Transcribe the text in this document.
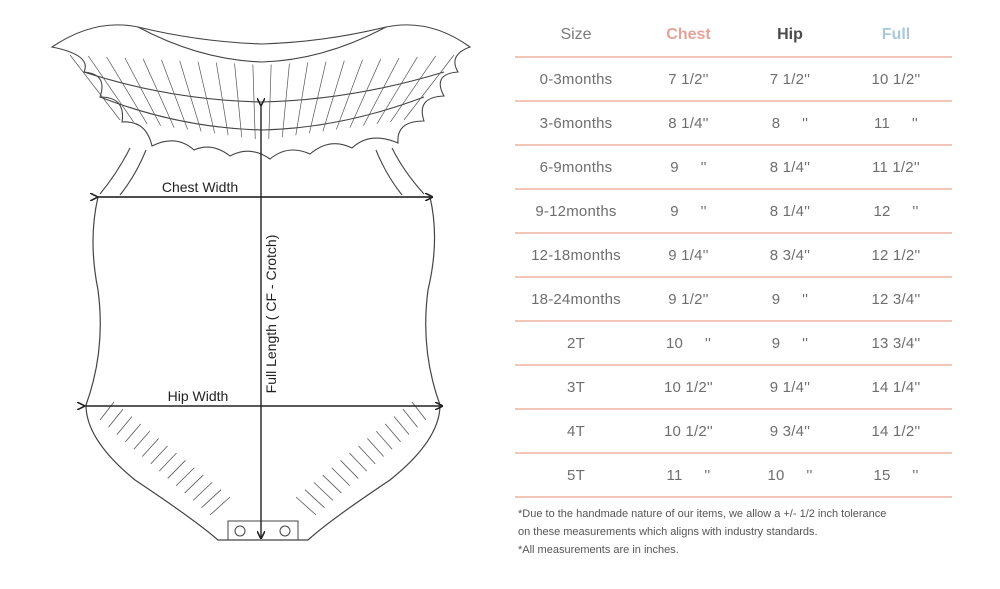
Chest Width
Hip Width
Full Length ( CF - Crotch)
Size	Chest	Hip	Full
0-3months	7 1/2''	7 1/2''	10 1/2''
3-6months	8 1/4''	8     ''	11     ''
6-9months	9     ''	8 1/4''	11 1/2''
9-12months	9     ''	8 1/4''	12     ''
12-18months	9 1/4''	8 3/4''	12 1/2''
18-24months	9 1/2''	9     ''	12 3/4''
2T	10     ''	9     ''	13 3/4''
3T	10 1/2''	9 1/4''	14 1/4''
4T	10 1/2''	9 3/4''	14 1/2''
5T	11     ''	10     ''	15     ''
*Due to the handmade nature of our items, we allow a +/- 1/2 inch tolerance
on these measurements which aligns with industry standards.
*All measurements are in inches.
